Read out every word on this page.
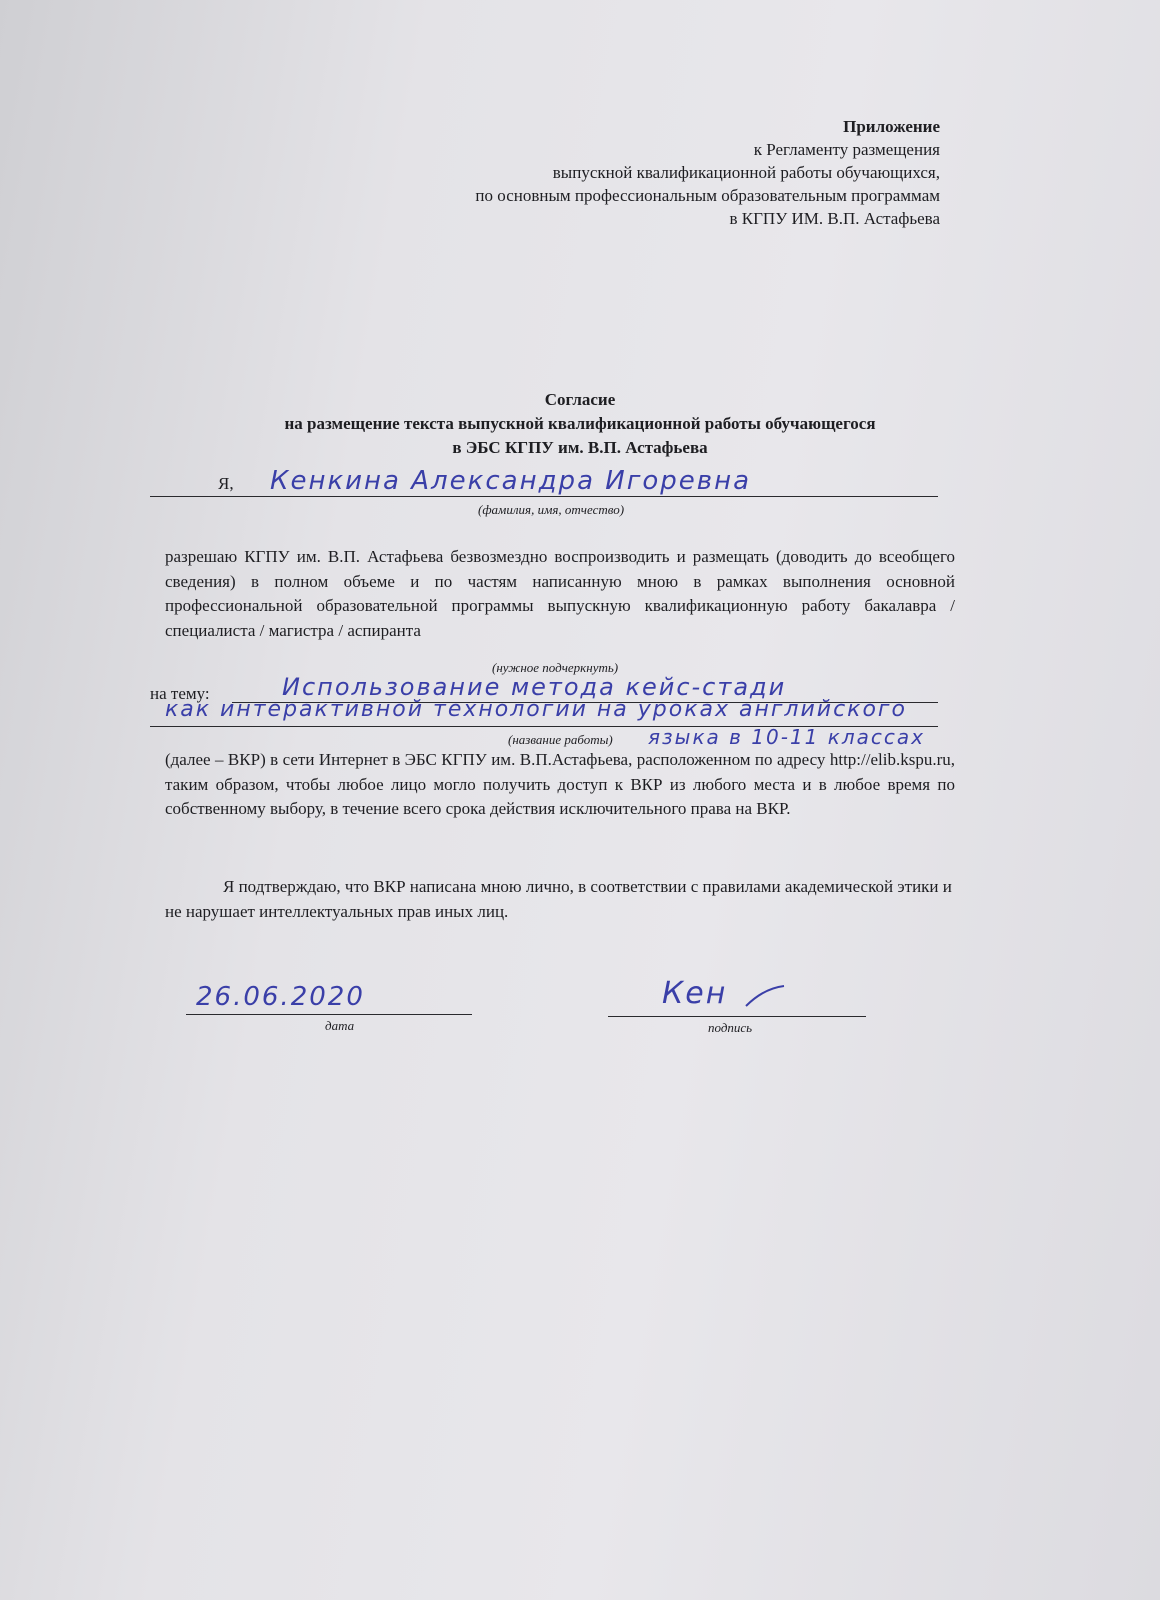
Приложение
к Регламенту размещения
выпускной квалификационной работы обучающихся,
по основным профессиональным образовательным программам
в КГПУ ИМ. В.П. Астафьева
Согласие
на размещение текста выпускной квалификационной работы обучающегося
в ЭБС КГПУ им. В.П. Астафьева
Я, Кенкина Александра Игоревна
(фамилия, имя, отчество)
разрешаю КГПУ им. В.П. Астафьева безвозмездно воспроизводить и размещать (доводить до всеобщего сведения) в полном объеме и по частям написанную мною в рамках выполнения основной профессиональной образовательной программы выпускную квалификационную работу бакалавра / специалиста / магистра / аспиранта
(нужное подчеркнуть)
на тему:	Использование метода кейс-стади
как интерактивной технологии на уроках английского
(название работы) языка в 10-11 классах
(далее – ВКР) в сети Интернет в ЭБС КГПУ им. В.П.Астафьева, расположенном по адресу http://elib.kspu.ru, таким образом, чтобы любое лицо могло получить доступ к ВКР из любого места и в любое время по собственному выбору, в течение всего срока действия исключительного права на ВКР.
Я подтверждаю, что ВКР написана мною лично, в соответствии с правилами академической этики и не нарушает интеллектуальных прав иных лиц.
26.06.2020
дата
Кен
подпись
